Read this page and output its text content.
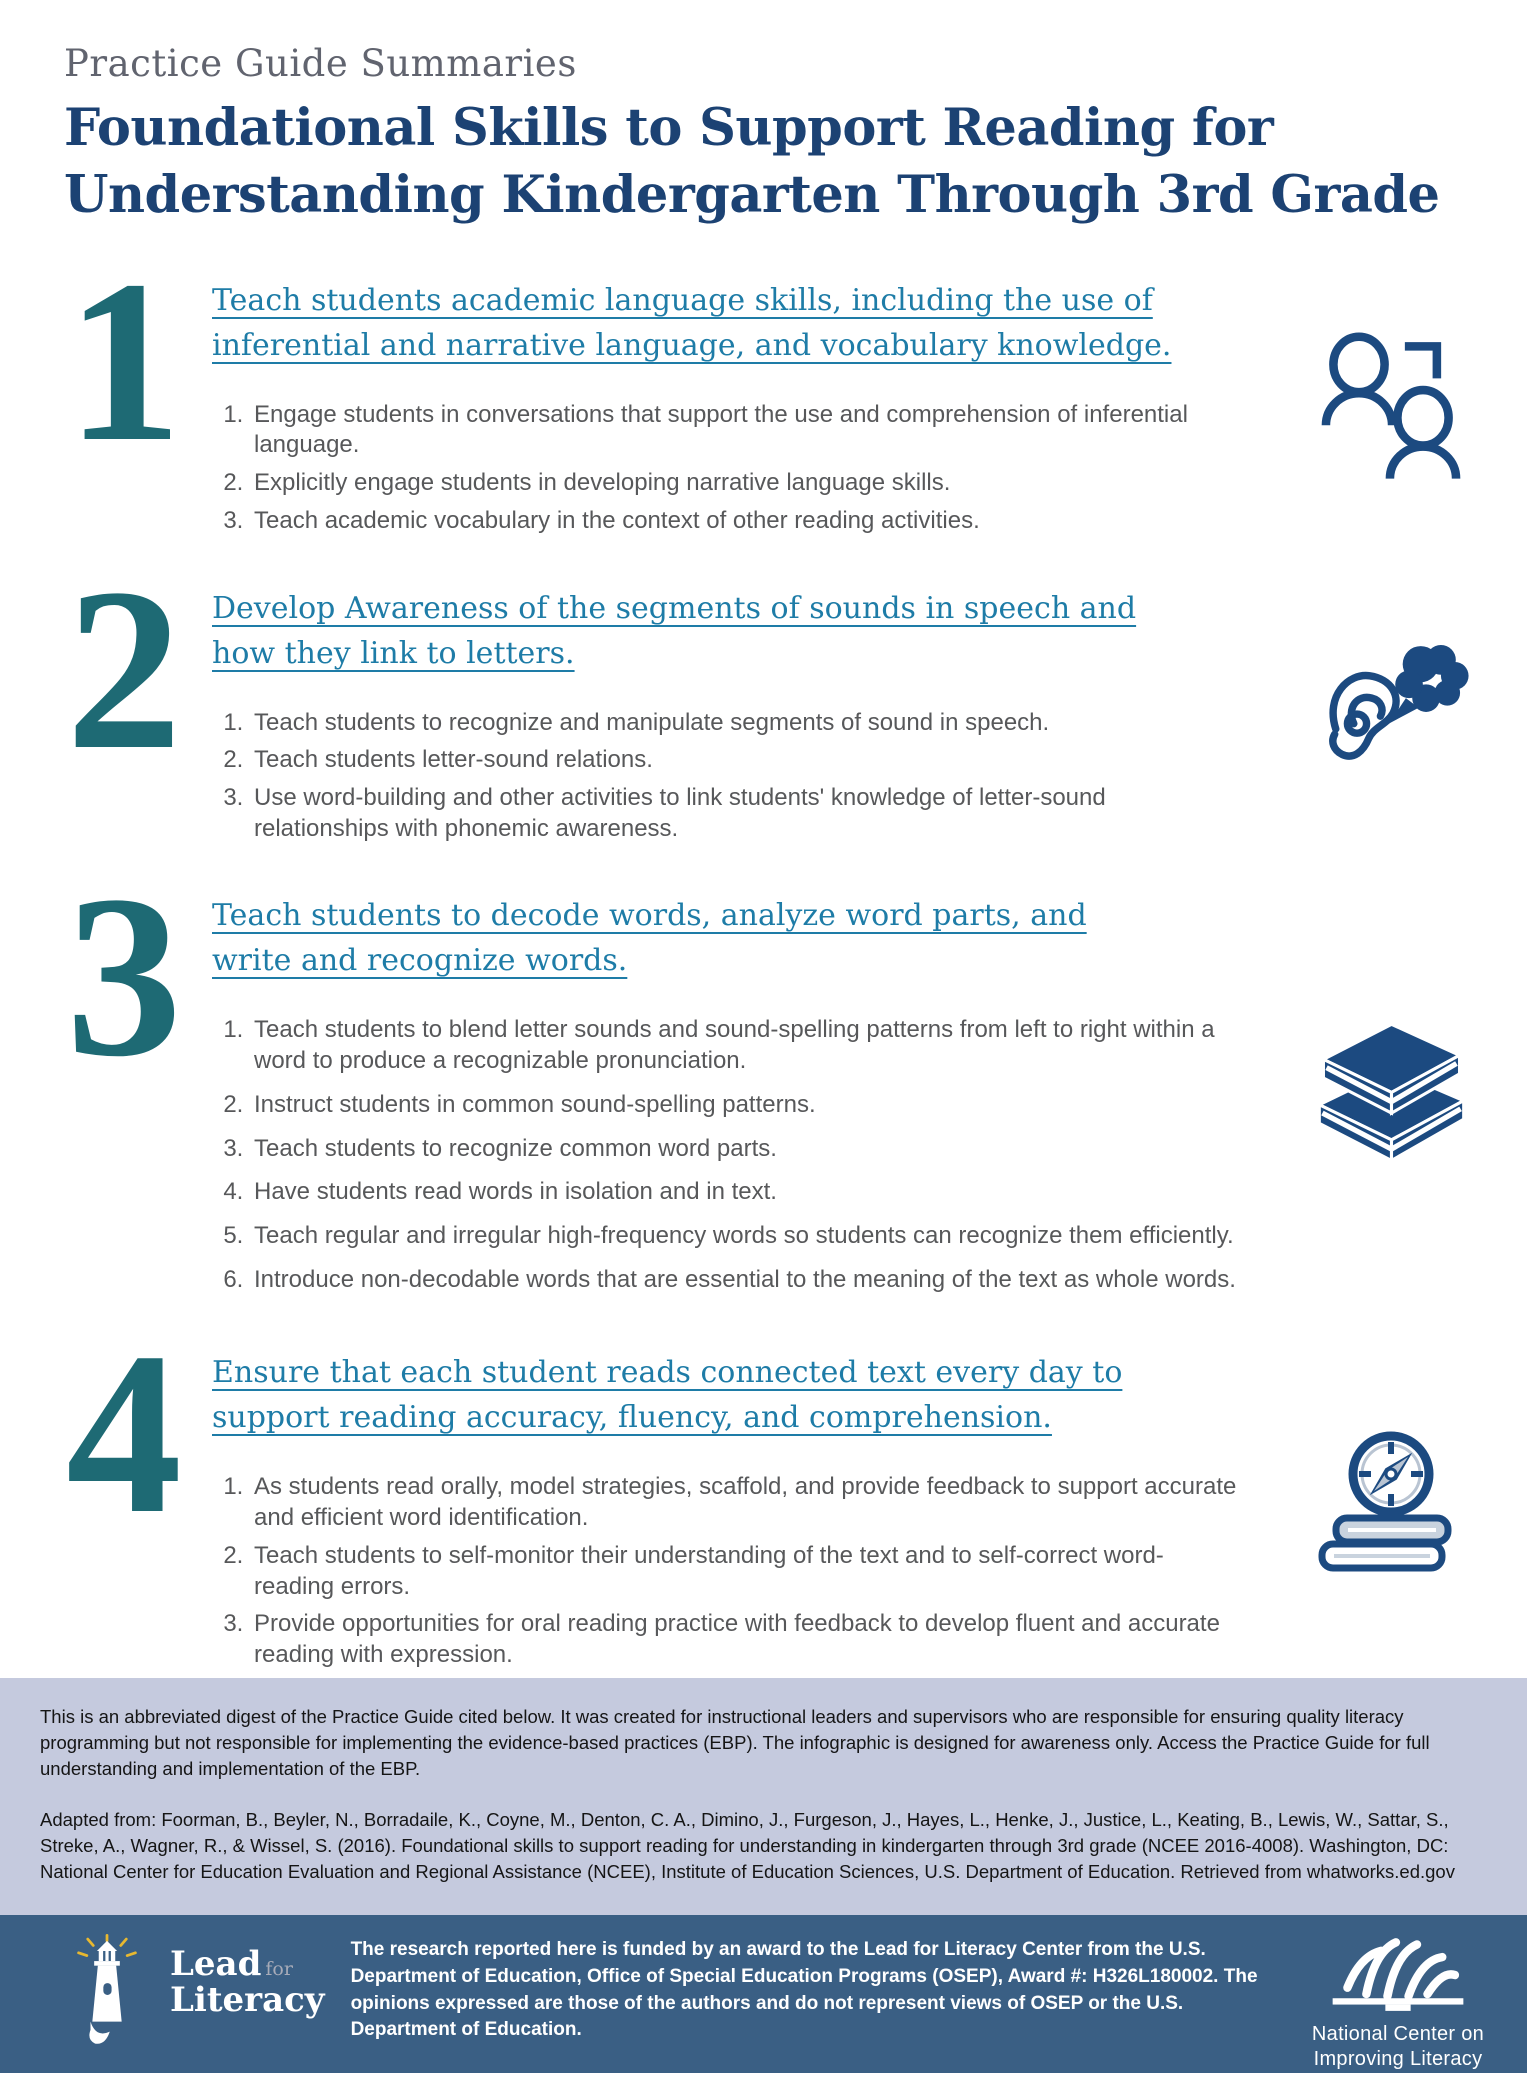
Practice Guide Summaries
Foundational Skills to Support Reading for Understanding Kindergarten Through 3rd Grade
1	Teach students academic language skills, including the use of inferential and narrative language, and vocabulary knowledge.
1. Engage students in conversations that support the use and comprehension of inferential language.
2. Explicitly engage students in developing narrative language skills.
3. Teach academic vocabulary in the context of other reading activities.
2	Develop Awareness of the segments of sounds in speech and how they link to letters.
1. Teach students to recognize and manipulate segments of sound in speech.
2. Teach students letter-sound relations.
3. Use word-building and other activities to link students' knowledge of letter-sound relationships with phonemic awareness.
3	Teach students to decode words, analyze word parts, and write and recognize words.
1. Teach students to blend letter sounds and sound-spelling patterns from left to right within a word to produce a recognizable pronunciation.
2. Instruct students in common sound-spelling patterns.
3. Teach students to recognize common word parts.
4. Have students read words in isolation and in text.
5. Teach regular and irregular high-frequency words so students can recognize them efficiently.
6. Introduce non-decodable words that are essential to the meaning of the text as whole words.
4	Ensure that each student reads connected text every day to support reading accuracy, fluency, and comprehension.
1. As students read orally, model strategies, scaffold, and provide feedback to support accurate and efficient word identification.
2. Teach students to self-monitor their understanding of the text and to self-correct word-reading errors.
3. Provide opportunities for oral reading practice with feedback to develop fluent and accurate reading with expression.

This is an abbreviated digest of the Practice Guide cited below. It was created for instructional leaders and supervisors who are responsible for ensuring quality literacy programming but not responsible for implementing the evidence-based practices (EBP). The infographic is designed for awareness only. Access the Practice Guide for full understanding and implementation of the EBP.

Adapted from: Foorman, B., Beyler, N., Borradaile, K., Coyne, M., Denton, C. A., Dimino, J., Furgeson, J., Hayes, L., Henke, J., Justice, L., Keating, B., Lewis, W., Sattar, S., Streke, A., Wagner, R., & Wissel, S. (2016). Foundational skills to support reading for understanding in kindergarten through 3rd grade (NCEE 2016-4008). Washington, DC: National Center for Education Evaluation and Regional Assistance (NCEE), Institute of Education Sciences, U.S. Department of Education. Retrieved from whatworks.ed.gov

Lead for
Literacy
The research reported here is funded by an award to the Lead for Literacy Center from the U.S. Department of Education, Office of Special Education Programs (OSEP), Award #: H326L180002. The opinions expressed are those of the authors and do not represent views of OSEP or the U.S. Department of Education.	National Center on
Improving Literacy
